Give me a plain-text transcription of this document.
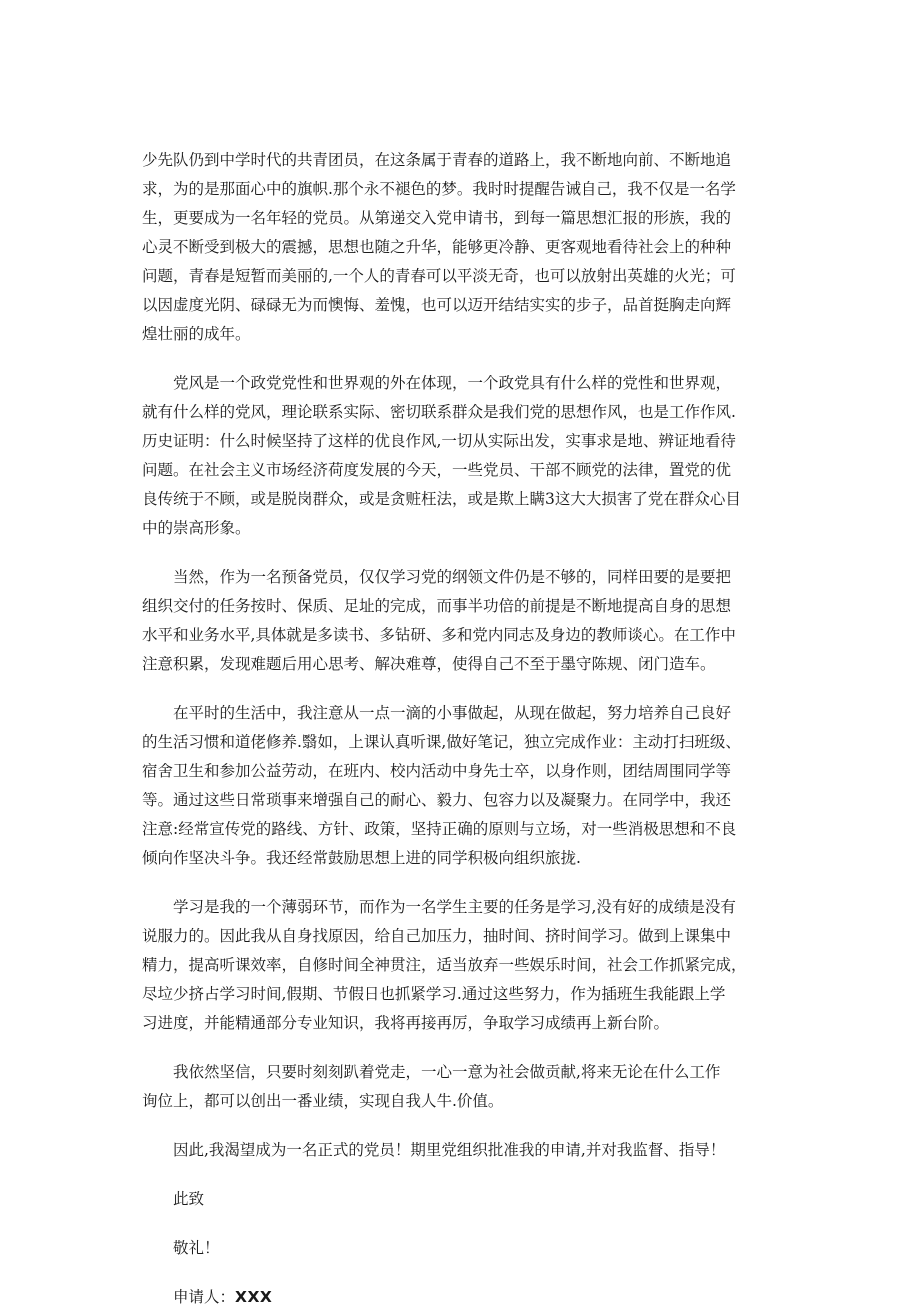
少先队仍到中学时代的共青团员，在这条属于青春的道路上，我不断地向前、不断地追
求，为的是那面心中的旗帜.那个永不褪色的梦。我时时提醒告诫自己，我不仅是一名学
生，更要成为一名年轻的党员。从第递交入党申请书，到每一篇思想汇报的形族，我的
心灵不断受到极大的震撼，思想也随之升华，能够更冷静、更客观地看待社会上的种种
问题，青春是短暂而美丽的,一个人的青春可以平淡无奇，也可以放射出英雄的火光；可
以因虚度光阴、碌碌无为而懊悔、羞愧，也可以迈开结结实实的步子，品首挺胸走向辉
煌壮丽的成年。

党风是一个政党党性和世界观的外在体现，一个政党具有什么样的党性和世界观，
就有什么样的党风，理论联系实际、密切联系群众是我们党的思想作风，也是工作作风.
历史证明：什么时候坚持了这样的优良作风,一切从实际出发，实事求是地、辨证地看待
问题。在社会主义市场经济荷度发展的今天，一些党员、干部不顾党的法律，置党的优
良传统于不顾，或是脱岗群众，或是贪赃枉法，或是欺上瞒3这大大损害了党在群众心目
中的崇高形象。

当然，作为一名预备党员，仅仅学习党的纲领文件仍是不够的，同样田要的是要把
组织交付的任务按时、保质、足址的完成，而事半功倍的前提是不断地提高自身的思想
水平和业务水平,具体就是多读书、多钻研、多和党内同志及身边的教师谈心。在工作中
注意积累，发现难题后用心思考、解决难尊，使得自己不至于墨守陈规、闭门造车。

在平时的生活中，我注意从一点一滴的小事做起，从现在做起，努力培养自己良好
的生活习惯和道佬修养.翳如，上课认真听课,做好笔记，独立完成作业：主动打扫班级、
宿舍卫生和参加公益劳动，在班内、校内活动中身先士卒，以身作则，团结周围同学等
等。通过这些日常琐事来增强自己的耐心、毅力、包容力以及凝聚力。在同学中，我还
注意:经常宣传党的路线、方针、政策，坚持正确的原则与立场，对一些消极思想和不良
倾向作坚决斗争。我还经常鼓励思想上进的同学积极向组织旅拢.

学习是我的一个薄弱环节，而作为一名学生主要的任务是学习,没有好的成绩是没有
说服力的。因此我从自身找原因，给自己加压力，抽时间、挤时间学习。做到上课集中
精力，提高听课效率，自修时间全神贯注，适当放弃一些娱乐时间，社会工作抓紧完成，
尽垃少挤占学习时间,假期、节假日也抓紧学习.通过这些努力，作为插班生我能跟上学
习进度，并能精通部分专业知识，我将再接再厉，争取学习成绩再上新台阶。

我依然坚信，只要时刻刻趴着党走，一心一意为社会做贡献,将来无论在什么工作
询位上，都可以创出一番业绩，实现自我人牛.价值。

因此,我渴望成为一名正式的党员！期里党组织批准我的申请,并对我监督、指导！

此致

敬礼！

申请人：XXX
